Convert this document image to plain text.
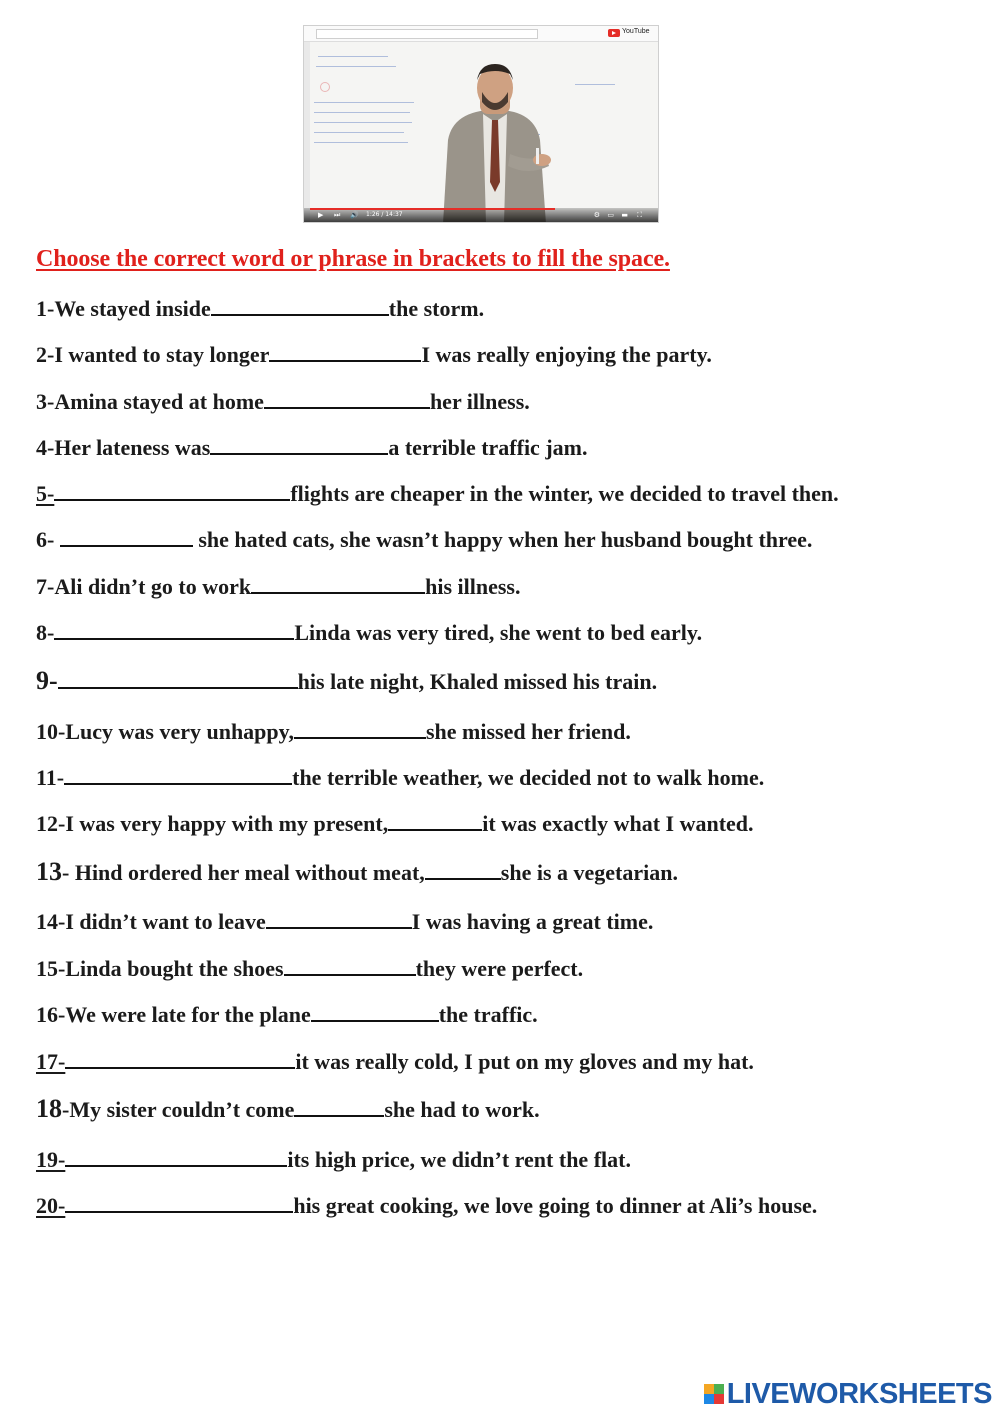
YouTube
▶ ⏭ 🔊 1:26 / 14:37	⚙ ▭ ▬ ⛶
Choose the correct word or phrase in brackets to fill the space.
1-We stayed inside	the storm.
2-I wanted to stay longer	I was really enjoying the party.
3-Amina stayed at home	her illness.
4-Her lateness was	a terrible traffic jam.
5-	flights are cheaper in the winter, we decided to travel then.
6-	she hated cats, she wasn’t happy when her husband bought three.
7-Ali didn’t go to work	his illness.
8-	Linda was very tired, she went to bed early.
9-	his late night, Khaled missed his train.
10-Lucy was very unhappy,	she missed her friend.
11-	the terrible weather, we decided not to walk home.
12-I was very happy with my present,	it was exactly what I wanted.
13- Hind ordered her meal without meat,	she is a vegetarian.
14-I didn’t want to leave	I was having a great time.
15-Linda bought the shoes	they were perfect.
16-We were late for the plane	the traffic.
17-	it was really cold, I put on my gloves and my hat.
18-My sister couldn’t come	she had to work.
19-	its high price, we didn’t rent the flat.
20-	his great cooking, we love going to dinner at Ali’s house.
LIVEWORKSHEETS
